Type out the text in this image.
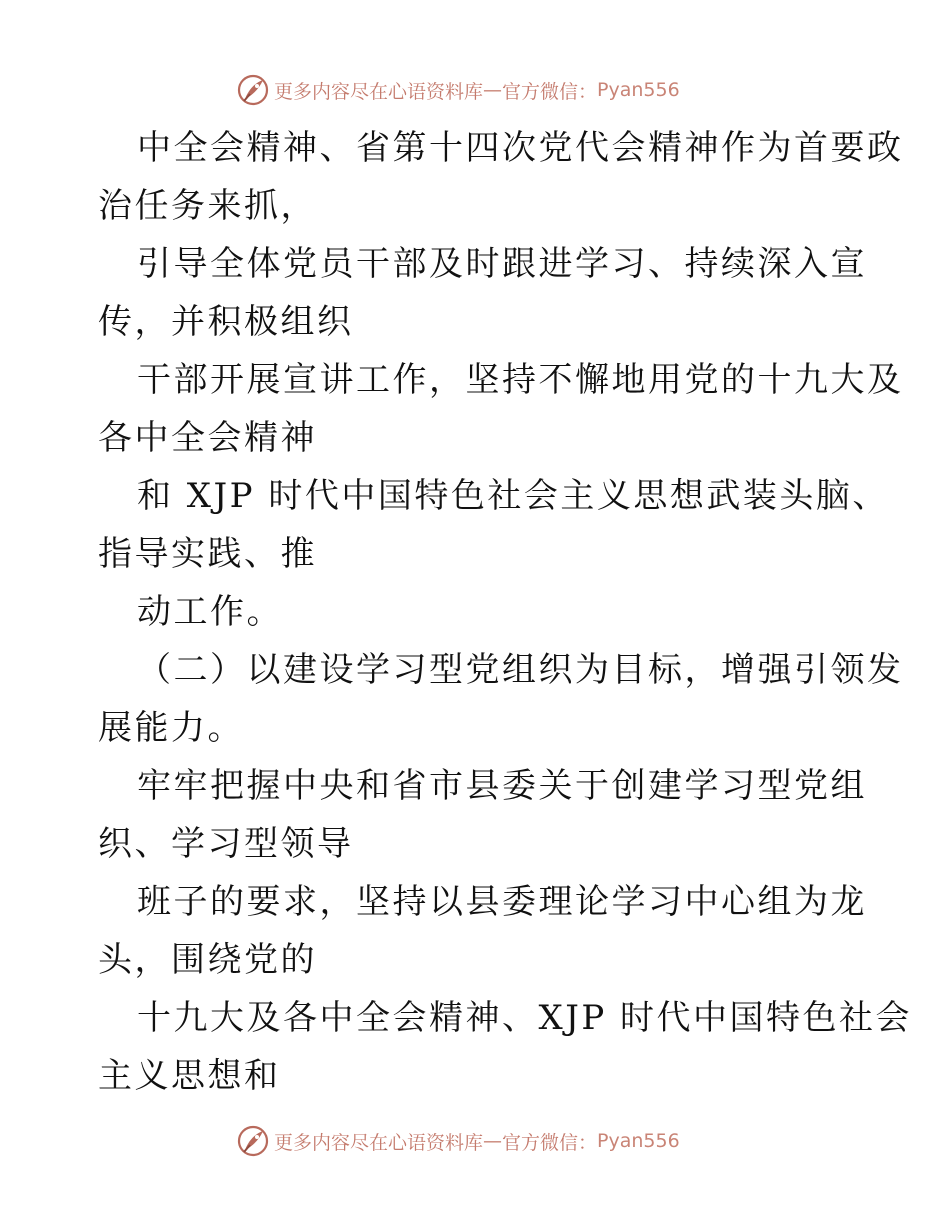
更多内容尽在心语资料库 — 官方微信： Pyan556
中全会精神、省第十四次党代会精神作为首要政
治任务来抓，
引导全体党员干部及时跟进学习、持续深入宣
传，并积极组织
干部开展宣讲工作，坚持不懈地用党的十九大及
各中全会精神
和 XJP 时代中国特色社会主义思想武装头脑、
指导实践、推
动工作。
（二）以建设学习型党组织为目标，增强引领发
展能力。
牢牢把握中央和省市县委关于创建学习型党组
织、学习型领导
班子的要求，坚持以县委理论学习中心组为龙
头，围绕党的
十九大及各中全会精神、XJP 时代中国特色社会
主义思想和
更多内容尽在心语资料库 — 官方微信： Pyan556
